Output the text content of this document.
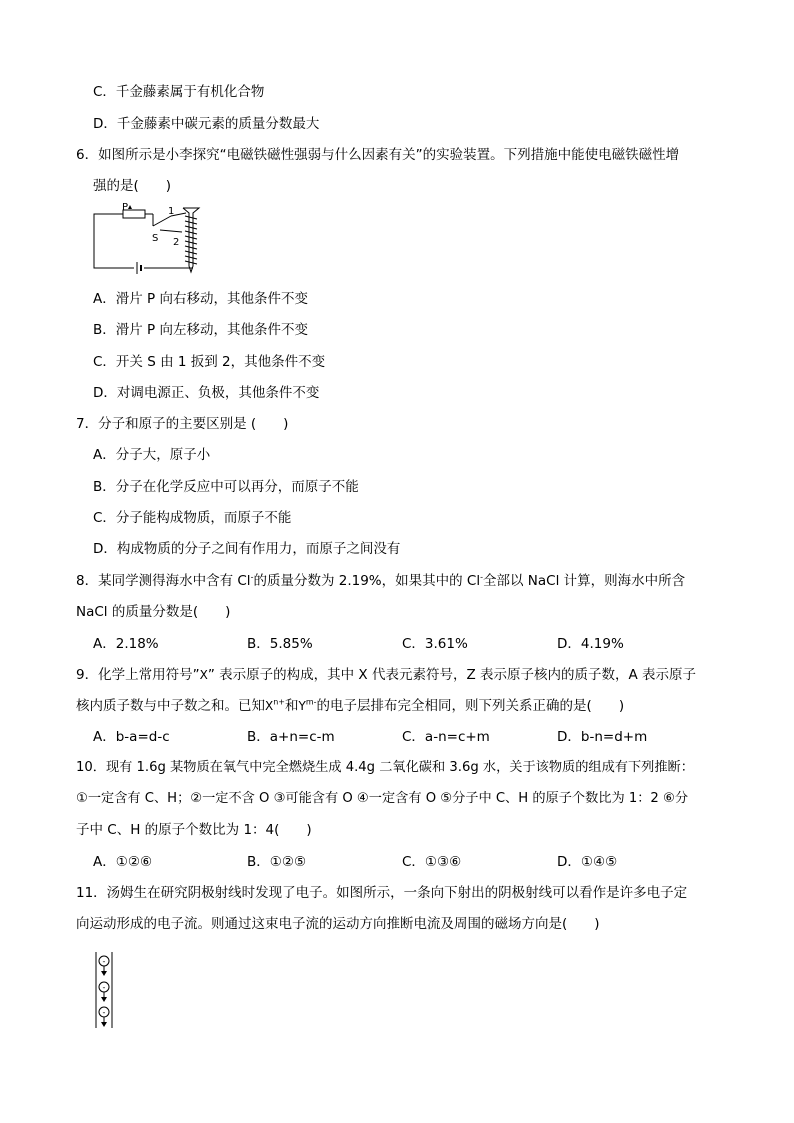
C．千金藤素属于有机化合物
D．千金藤素中碳元素的质量分数最大
6．如图所示是小李探究“电磁铁磁性强弱与什么因素有关”的实验装置。下列措施中能使电磁铁磁性增
强的是(　　)
P
S
1
2
A．滑片 P 向右移动，其他条件不变
B．滑片 P 向左移动，其他条件不变
C．开关 S 由 1 扳到 2，其他条件不变
D．对调电源正、负极，其他条件不变
7．分子和原子的主要区别是 (　　)
A．分子大，原子小
B．分子在化学反应中可以再分，而原子不能
C．分子能构成物质，而原子不能
D．构成物质的分子之间有作用力，而原子之间没有
8．某同学测得海水中含有 Cl-的质量分数为 2.19%，如果其中的 Cl-全部以 NaCl 计算，则海水中所含
NaCl 的质量分数是(　　)
A．2.18%	B．5.85%	C．3.61%	D．4.19%
9．化学上常用符号”X” 表示原子的构成，其中 X 代表元素符号，Z 表示原子核内的质子数，A 表示原子
核内质子数与中子数之和。已知$X^{n+}$和$Y^{m-}$的电子层排布完全相同，则下列关系正确的是(　　)
A．b-a=d-c	B．a+n=c-m	C．a-n=c+m	D．b-n=d+m
10．现有 1.6g 某物质在氧气中完全燃烧生成 4.4g 二氧化碳和 3.6g 水，关于该物质的组成有下列推断：
①一定含有 C、H；②一定不含 O ③可能含有 O ④一定含有 O ⑤分子中 C、H 的原子个数比为 1：2 ⑥分
子中 C、H 的原子个数比为 1：4(　　)
A．①②⑥	B．①②⑤	C．①③⑥	D．①④⑤
11．汤姆生在研究阴极射线时发现了电子。如图所示，一条向下射出的阴极射线可以看作是许多电子定
向运动形成的电子流。则通过这束电子流的运动方向推断电流及周围的磁场方向是(　　)
-
-
-
